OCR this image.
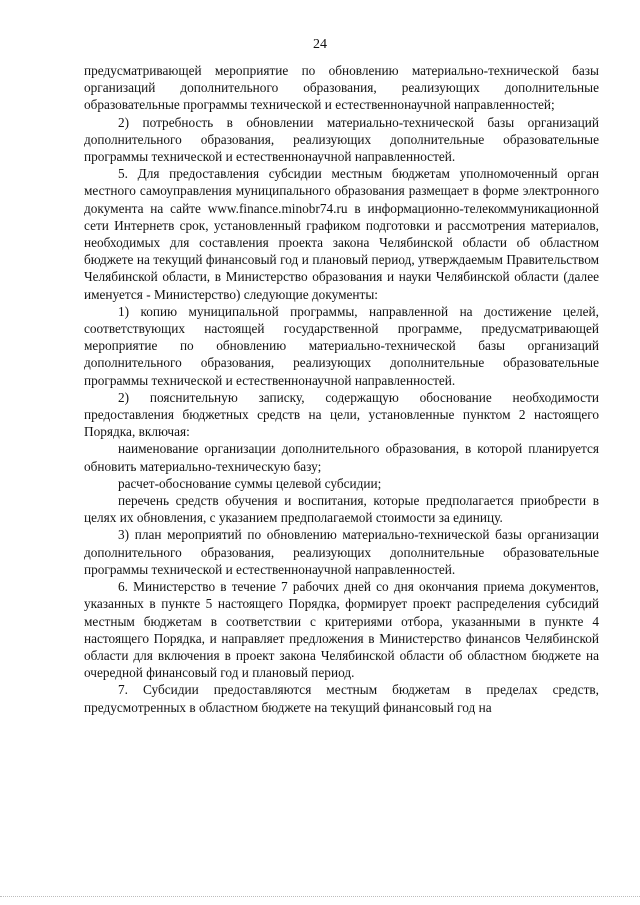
24

предусматривающей мероприятие по обновлению материально-технической базы организаций дополнительного образования, реализующих дополнительные образовательные программы технической и естественнонаучной направленностей;

2) потребность в обновлении материально-технической базы организаций дополнительного образования, реализующих дополнительные образовательные программы технической и естественнонаучной направленностей.

5. Для предоставления субсидии местным бюджетам уполномоченный орган местного самоуправления муниципального образования размещает в форме электронного документа на сайте www.finance.minobr74.ru в информационно-телекоммуникационной сети Интернетв срок, установленный графиком подготовки и рассмотрения материалов, необходимых для составления проекта закона Челябинской области об областном бюджете на текущий финансовый год и плановый период, утверждаемым Правительством Челябинской области, в Министерство образования и науки Челябинской области (далее именуется - Министерство) следующие документы:

1) копию муниципальной программы, направленной на достижение целей, соответствующих настоящей государственной программе, предусматривающей мероприятие по обновлению материально-технической базы организаций дополнительного образования, реализующих дополнительные образовательные программы технической и естественнонаучной направленностей.

2) пояснительную записку, содержащую обоснование необходимости предоставления бюджетных средств на цели, установленные пунктом 2 настоящего Порядка, включая:

наименование организации дополнительного образования, в которой планируется обновить материально-техническую базу;

расчет-обоснование суммы целевой субсидии;

перечень средств обучения и воспитания, которые предполагается приобрести в целях их обновления, с указанием предполагаемой стоимости за единицу.

3) план мероприятий по обновлению материально-технической базы организации дополнительного образования, реализующих дополнительные образовательные программы технической и естественнонаучной направленностей.

6. Министерство в течение 7 рабочих дней со дня окончания приема документов, указанных в пункте 5 настоящего Порядка, формирует проект распределения субсидий местным бюджетам в соответствии с критериями отбора, указанными в пункте 4 настоящего Порядка, и направляет предложения в Министерство финансов Челябинской области для включения в проект закона Челябинской области об областном бюджете на очередной финансовый год и плановый период.

7. Субсидии предоставляются местным бюджетам в пределах средств, предусмотренных в областном бюджете на текущий финансовый год на
